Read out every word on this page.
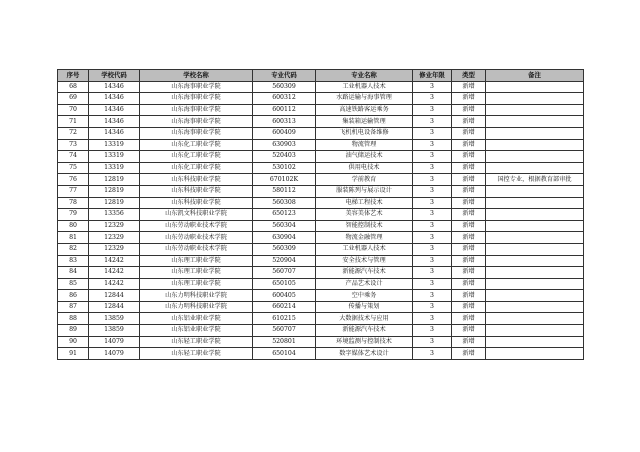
序号	学校代码	学校名称	专业代码	专业名称	修业年限	类型	备注
68	14346	山东海事职业学院	560309	工业机器人技术	3	新增	
69	14346	山东海事职业学院	600312	水路运输与海事管理	3	新增	
70	14346	山东海事职业学院	600112	高速铁路客运乘务	3	新增	
71	14346	山东海事职业学院	600313	集装箱运输管理	3	新增	
72	14346	山东海事职业学院	600409	飞机机电设备维修	3	新增	
73	13319	山东化工职业学院	630903	物流管理	3	新增	
74	13319	山东化工职业学院	520403	油气储运技术	3	新增	
75	13319	山东化工职业学院	530102	供用电技术	3	新增	
76	12819	山东科技职业学院	670102K	学前教育	3	新增	国控专业，根据教育部审批
77	12819	山东科技职业学院	580112	服装陈列与展示设计	3	新增	
78	12819	山东科技职业学院	560308	电梯工程技术	3	新增	
79	13356	山东凯文科技职业学院	650123	美容美体艺术	3	新增	
80	12329	山东劳动职业技术学院	560304	智能控制技术	3	新增	
81	12329	山东劳动职业技术学院	630904	物流金融管理	3	新增	
82	12329	山东劳动职业技术学院	560309	工业机器人技术	3	新增	
83	14242	山东理工职业学院	520904	安全技术与管理	3	新增	
84	14242	山东理工职业学院	560707	新能源汽车技术	3	新增	
85	14242	山东理工职业学院	650105	产品艺术设计	3	新增	
86	12844	山东力明科技职业学院	600405	空中乘务	3	新增	
87	12844	山东力明科技职业学院	660214	传播与策划	3	新增	
88	13859	山东铝业职业学院	610215	大数据技术与应用	3	新增	
89	13859	山东铝业职业学院	560707	新能源汽车技术	3	新增	
90	14079	山东轻工职业学院	520801	环境监测与控制技术	3	新增	
91	14079	山东轻工职业学院	650104	数字媒体艺术设计	3	新增	
